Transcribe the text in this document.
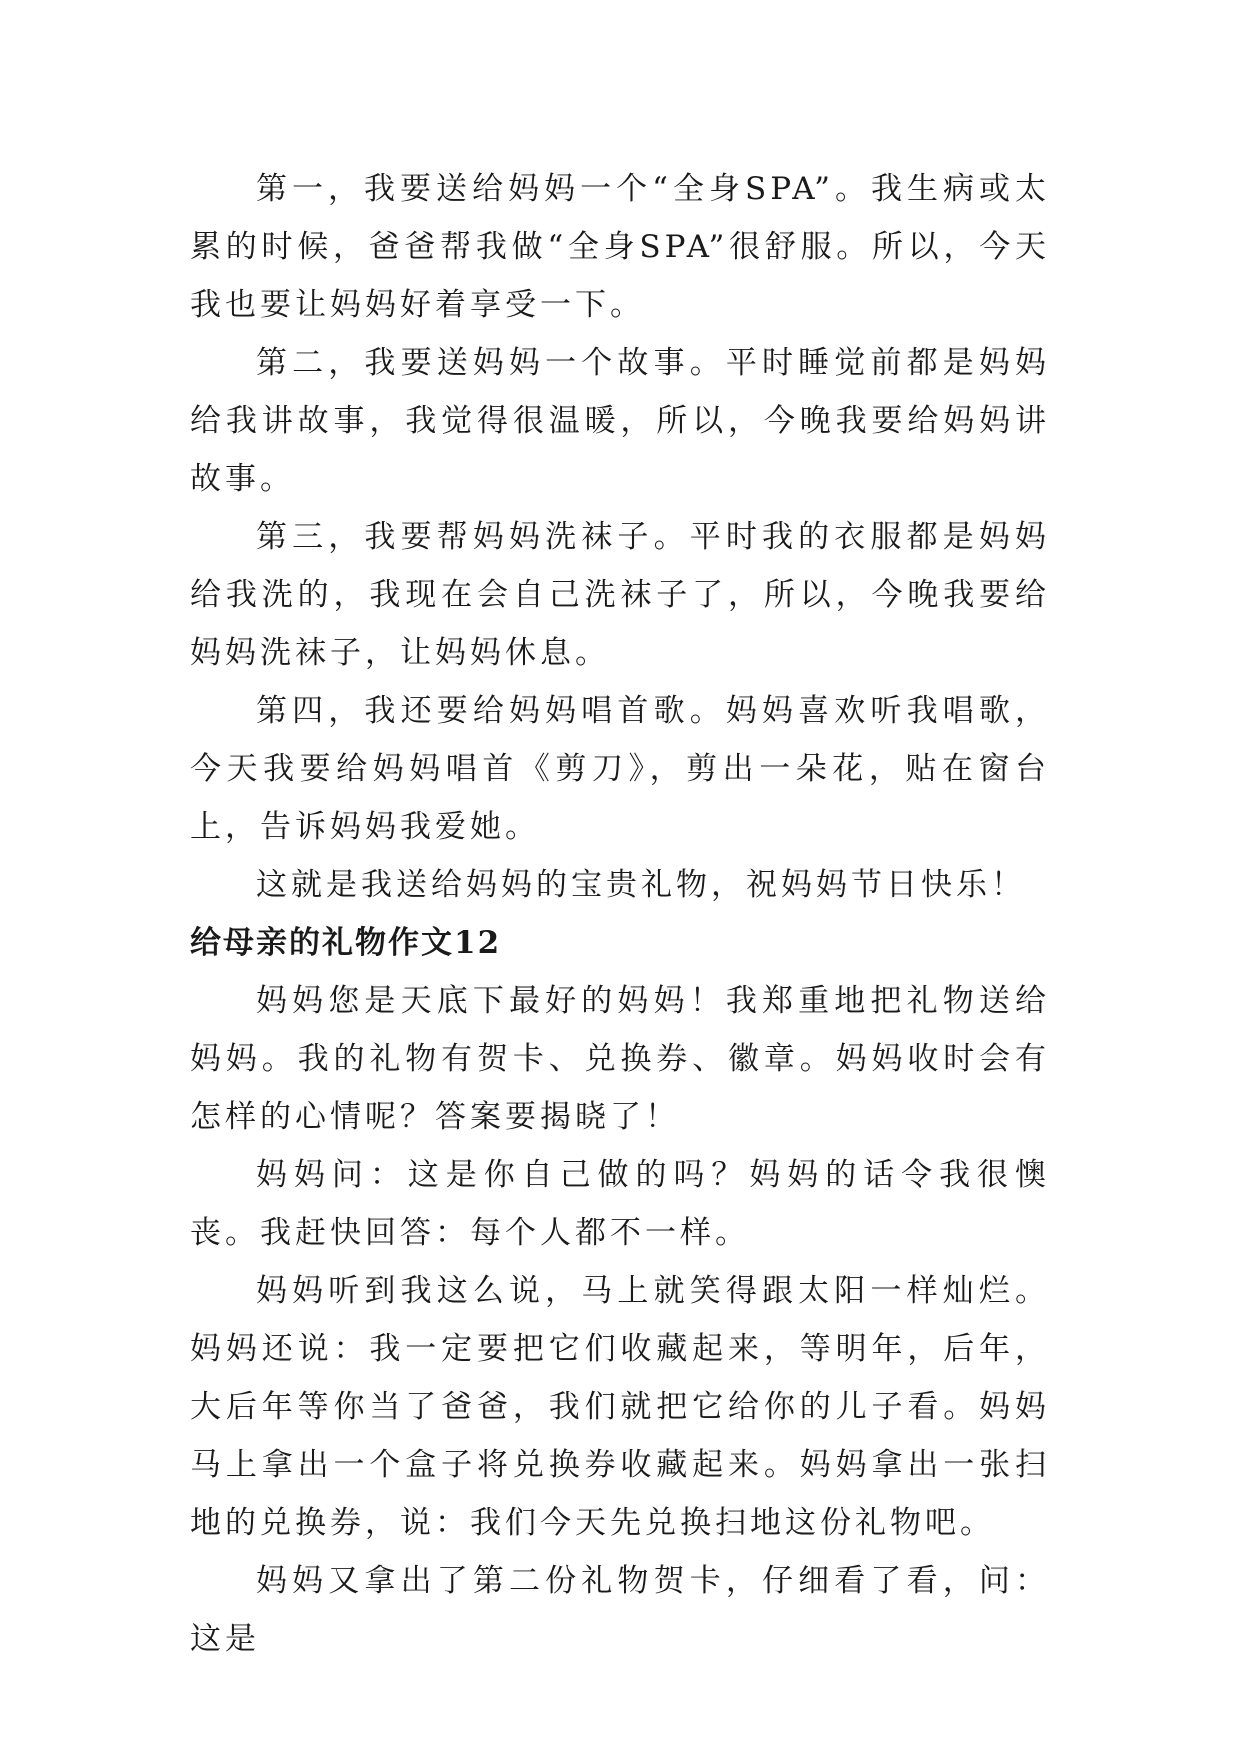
第一，我要送给妈妈一个“全身SPA”。我生病或太累的时候，爸爸帮我做“全身SPA”很舒服。所以，今天我也要让妈妈好着享受一下。

第二，我要送妈妈一个故事。平时睡觉前都是妈妈给我讲故事，我觉得很温暖，所以，今晚我要给妈妈讲故事。

第三，我要帮妈妈洗袜子。平时我的衣服都是妈妈给我洗的，我现在会自己洗袜子了，所以，今晚我要给妈妈洗袜子，让妈妈休息。

第四，我还要给妈妈唱首歌。妈妈喜欢听我唱歌，今天我要给妈妈唱首《剪刀》，剪出一朵花，贴在窗台上，告诉妈妈我爱她。

这就是我送给妈妈的宝贵礼物，祝妈妈节日快乐！

给母亲的礼物作文12

妈妈您是天底下最好的妈妈！我郑重地把礼物送给妈妈。我的礼物有贺卡、兑换券、徽章。妈妈收时会有怎样的心情呢？答案要揭晓了！

妈妈问：这是你自己做的吗？妈妈的话令我很懊丧。我赶快回答：每个人都不一样。

妈妈听到我这么说，马上就笑得跟太阳一样灿烂。妈妈还说：我一定要把它们收藏起来，等明年，后年，大后年等你当了爸爸，我们就把它给你的儿子看。妈妈马上拿出一个盒子将兑换券收藏起来。妈妈拿出一张扫地的兑换券，说：我们今天先兑换扫地这份礼物吧。

妈妈又拿出了第二份礼物贺卡，仔细看了看，问：这是
